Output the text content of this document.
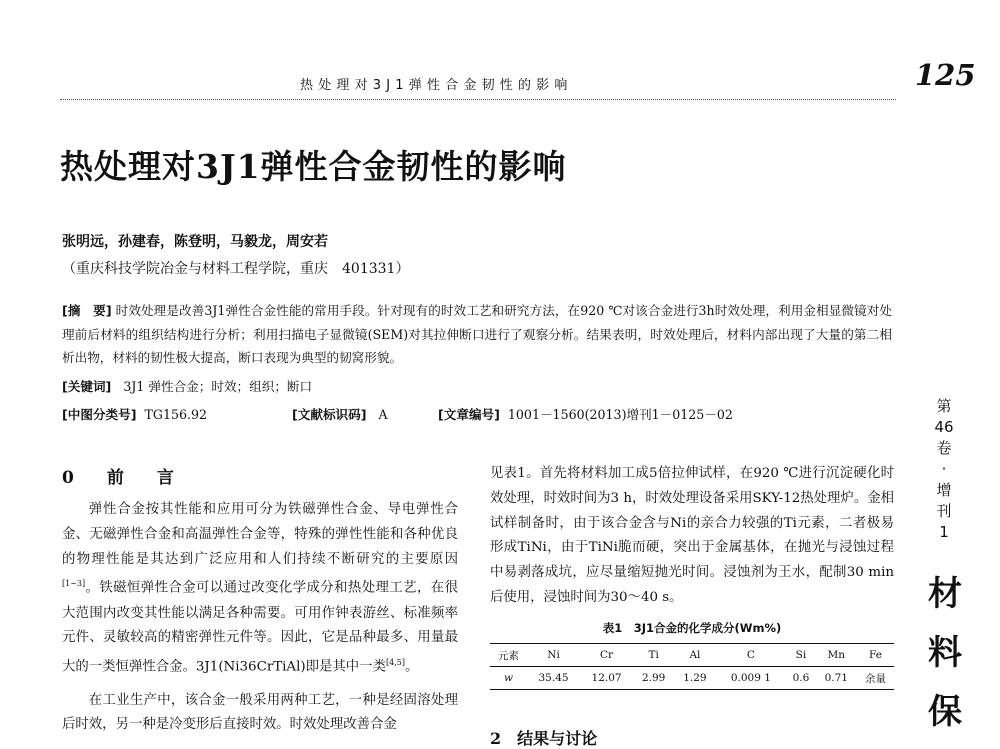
热处理对3J1弹性合金韧性的影响	125
热处理对3J1弹性合金韧性的影响
张明远，孙建春，陈登明，马毅龙，周安若
（重庆科技学院冶金与材料工程学院，重庆　401331）
[摘　要] 时效处理是改善3J1弹性合金性能的常用手段。针对现有的时效工艺和研究方法，在920 ℃对该合金进行3h时效处理，利用金相显微镜对处理前后材料的组织结构进行分析；利用扫描电子显微镜(SEM)对其拉伸断口进行了观察分析。结果表明，时效处理后，材料内部出现了大量的第二相析出物，材料的韧性极大提高，断口表现为典型的韧窝形貌。
[关键词] 3J1 弹性合金；时效；组织；断口
[中图分类号] TG156.92	[文献标识码] A	[文章编号] 1001－1560(2013)增刊1－0125－02
0　前　言

弹性合金按其性能和应用可分为铁磁弹性合金、导电弹性合金、无磁弹性合金和高温弹性合金等，特殊的弹性性能和各种优良的物理性能是其达到广泛应用和人们持续不断研究的主要原因[1~3]。铁磁恒弹性合金可以通过改变化学成分和热处理工艺，在很大范围内改变其性能以满足各种需要。可用作钟表游丝、标准频率元件、灵敏较高的精密弹性元件等。因此，它是品种最多、用量最大的一类恒弹性合金。3J1(Ni36CrTiAl)即是其中一类[4,5]。

在工业生产中，该合金一般采用两种工艺，一种是经固溶处理后时效，另一种是冷变形后直接时效。时效处理改善合金

见表1。首先将材料加工成5倍拉伸试样，在920 ℃进行沉淀硬化时效处理，时效时间为3 h，时效处理设备采用SKY-12热处理炉。金相试样制备时，由于该合金含与Ni的亲合力较强的Ti元素，二者极易形成TiNi，由于TiNi脆而硬，突出于金属基体，在抛光与浸蚀过程中易剥落成坑，应尽量缩短抛光时间。浸蚀剂为王水，配制30 min后使用，浸蚀时间为30～40 s。

表1　3J1合金的化学成分(Wm%)
元素	Ni	Cr	Ti	Al	C	Si	Mn	Fe
w	35.45	12.07	2.99	1.29	0.009 1	0.6	0.71	余量
2　结果与讨论
第
46
卷
·
增
刊
1
材
料
保
